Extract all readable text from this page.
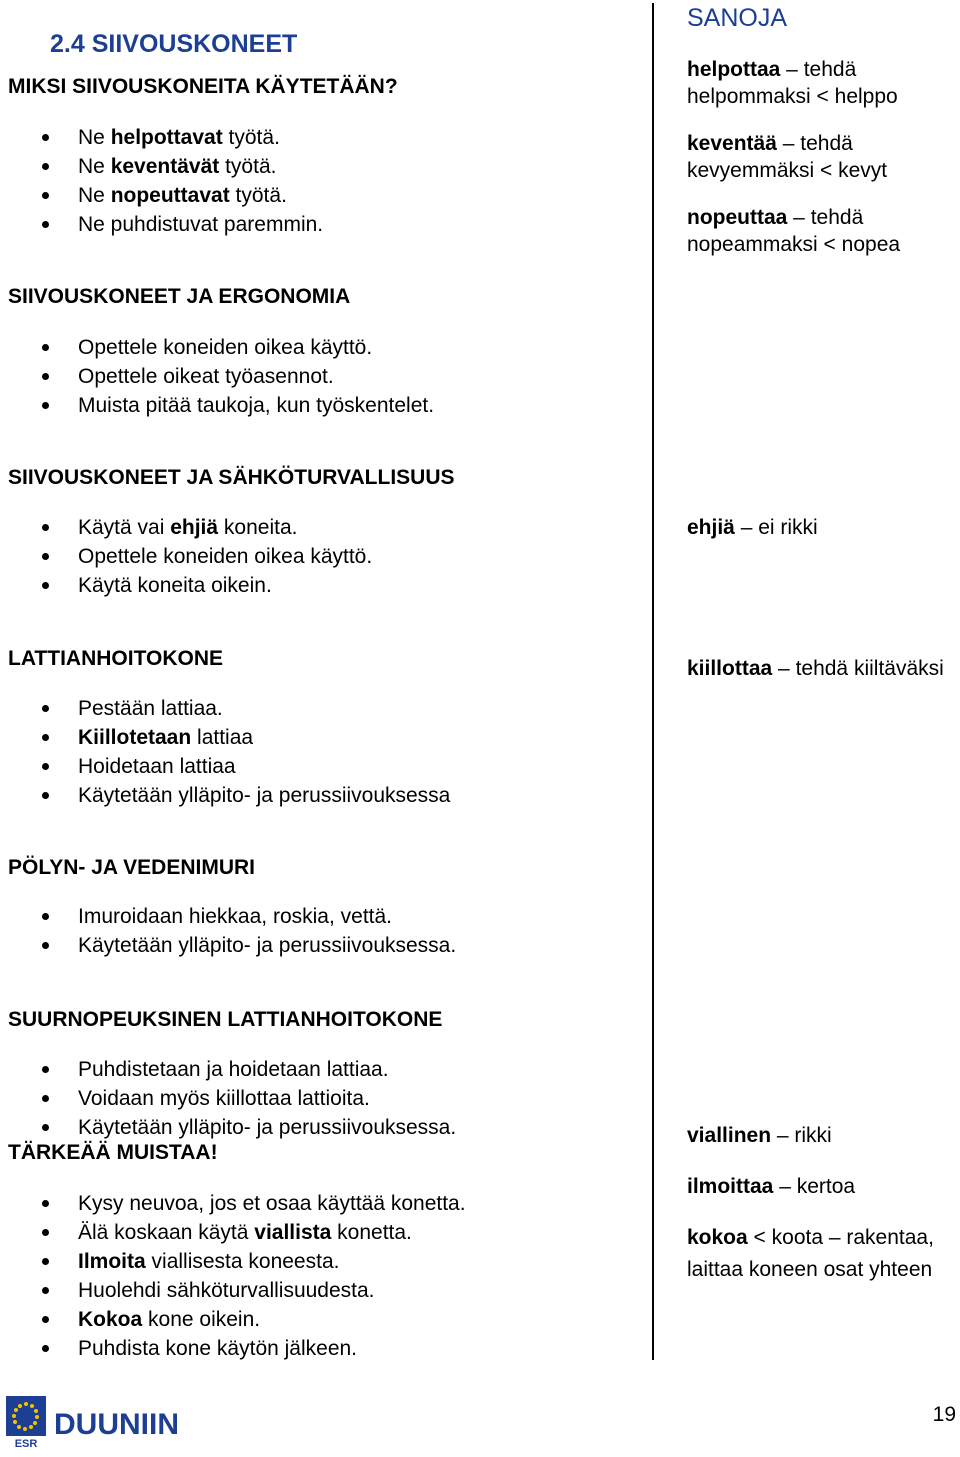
2.4 SIIVOUSKONEET
MIKSI SIIVOUSKONEITA KÄYTETÄÄN?
Ne helpottavat työtä.
Ne keventävät työtä.
Ne nopeuttavat työtä.
Ne puhdistuvat paremmin.
SIIVOUSKONEET JA ERGONOMIA
Opettele koneiden oikea käyttö.
Opettele oikeat työasennot.
Muista pitää taukoja, kun työskentelet.
SIIVOUSKONEET JA SÄHKÖTURVALLISUUS
Käytä vai ehjiä koneita.
Opettele koneiden oikea käyttö.
Käytä koneita oikein.
LATTIANHOITOKONE
Pestään lattiaa.
Kiillotetaan lattiaa
Hoidetaan lattiaa
Käytetään ylläpito- ja perussiivouksessa
PÖLYN- JA VEDENIMURI
Imuroidaan hiekkaa, roskia, vettä.
Käytetään ylläpito- ja perussiivouksessa.
SUURNOPEUKSINEN LATTIANHOITOKONE
Puhdistetaan ja hoidetaan lattiaa.
Voidaan myös kiillottaa lattioita.
Käytetään ylläpito- ja perussiivouksessa.
TÄRKEÄÄ MUISTAA!
Kysy neuvoa, jos et osaa käyttää konetta.
Älä koskaan käytä viallista konetta.
Ilmoita viallisesta koneesta.
Huolehdi sähköturvallisuudesta.
Kokoa kone oikein.
Puhdista kone käytön jälkeen.
SANOJA
helpottaa – tehdä helpommaksi < helppo
keventää – tehdä kevyemmäksi < kevyt
nopeuttaa – tehdä nopeammaksi < nopea
ehjiä – ei rikki
kiillottaa – tehdä kiiltäväksi
viallinen – rikki
ilmoittaa – kertoa
kokoa < koota – rakentaa, laittaa koneen osat yhteen
ESR
DUUNIIN	19
